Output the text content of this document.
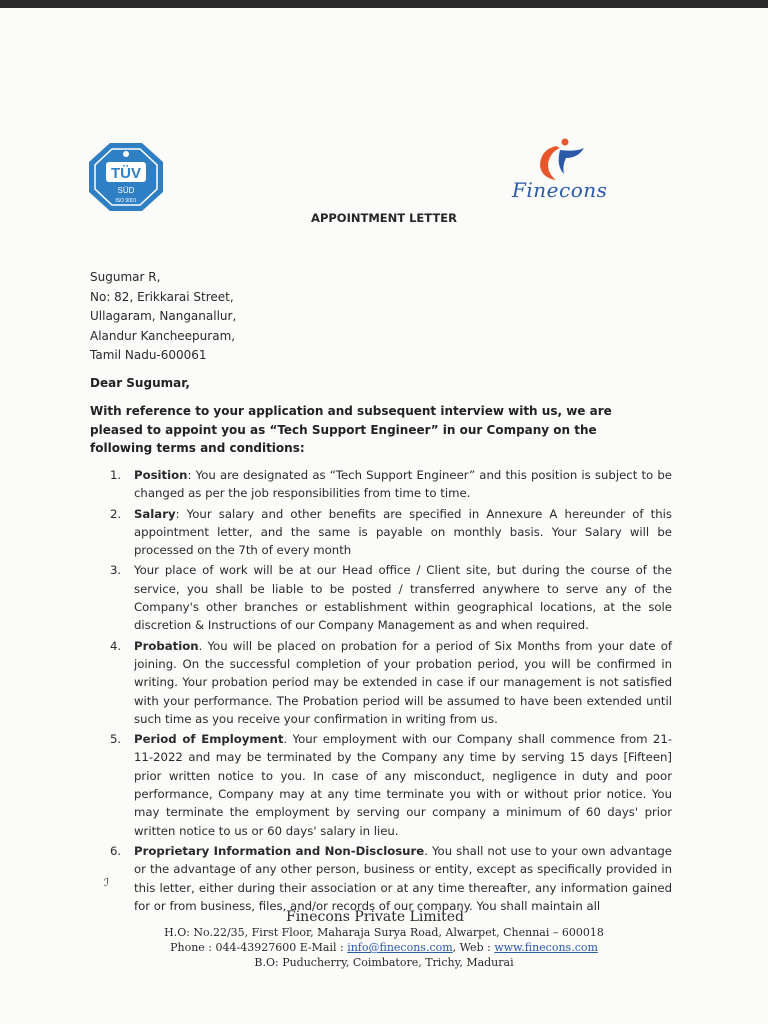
TÜV
SÜD
ISO 9001	Finecons
APPOINTMENT LETTER
Sugumar R,
No: 82, Erikkarai Street,
Ullagaram, Nanganallur,
Alandur Kancheepuram,
Tamil Nadu-600061
Dear Sugumar,
With reference to your application and subsequent interview with us, we are pleased to appoint you as “Tech Support Engineer” in our Company on the following terms and conditions:
1. Position: You are designated as “Tech Support Engineer” and this position is subject to be changed as per the job responsibilities from time to time.
2. Salary: Your salary and other benefits are specified in Annexure A hereunder of this appointment letter, and the same is payable on monthly basis. Your Salary will be processed on the 7th of every month
3. Your place of work will be at our Head office / Client site, but during the course of the service, you shall be liable to be posted / transferred anywhere to serve any of the Company's other branches or establishment within geographical locations, at the sole discretion & Instructions of our Company Management as and when required.
4. Probation. You will be placed on probation for a period of Six Months from your date of joining. On the successful completion of your probation period, you will be confirmed in writing. Your probation period may be extended in case if our management is not satisfied with your performance. The Probation period will be assumed to have been extended until such time as you receive your confirmation in writing from us.
5. Period of Employment. Your employment with our Company shall commence from 21-11-2022 and may be terminated by the Company any time by serving 15 days [Fifteen] prior written notice to you. In case of any misconduct, negligence in duty and poor performance, Company may at any time terminate you with or without prior notice. You may terminate the employment by serving our company a minimum of 60 days' prior written notice to us or 60 days' salary in lieu.
6. Proprietary Information and Non-Disclosure. You shall not use to your own advantage or the advantage of any other person, business or entity, except as specifically provided in this letter, either during their association or at any time thereafter, any information gained for or from business, files, and/or records of our company. You shall maintain all
ℐ
Finecons Private Limited
H.O: No.22/35, First Floor, Maharaja Surya Road, Alwarpet, Chennai – 600018
Phone : 044-43927600 E-Mail : info@finecons.com, Web : www.finecons.com
B.O: Puducherry, Coimbatore, Trichy, Madurai
